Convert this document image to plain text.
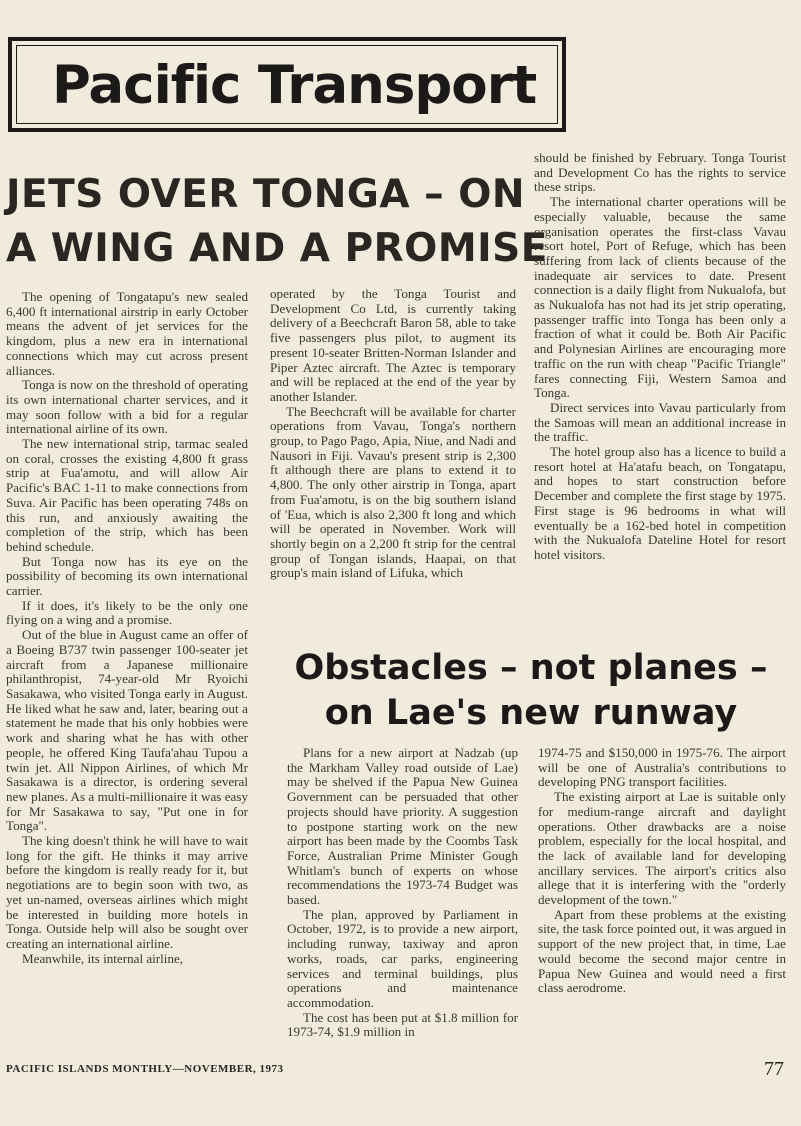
Pacific Transport
JETS OVER TONGA – ON
A WING AND A PROMISE

The opening of Tongatapu's new sealed 6,400 ft international airstrip in early October means the advent of jet services for the kingdom, plus a new era in international connections which may cut across present alliances.

Tonga is now on the threshold of operating its own international charter services, and it may soon follow with a bid for a regular international airline of its own.

The new international strip, tarmac sealed on coral, crosses the existing 4,800 ft grass strip at Fua'amotu, and will allow Air Pacific's BAC 1-11 to make connections from Suva. Air Pacific has been operating 748s on this run, and anxiously awaiting the completion of the strip, which has been behind schedule.

But Tonga now has its eye on the possibility of becoming its own international carrier.

If it does, it's likely to be the only one flying on a wing and a promise.

Out of the blue in August came an offer of a Boeing B737 twin passenger 100-seater jet aircraft from a Japanese millionaire philanthropist, 74-year-old Mr Ryoichi Sasakawa, who visited Tonga early in August. He liked what he saw and, later, bearing out a statement he made that his only hobbies were work and sharing what he has with other people, he offered King Taufa'ahau Tupou a twin jet. All Nippon Airlines, of which Mr Sasakawa is a director, is ordering several new planes. As a multi-millionaire it was easy for Mr Sasakawa to say, "Put one in for Tonga".

The king doesn't think he will have to wait long for the gift. He thinks it may arrive before the kingdom is really ready for it, but negotiations are to begin soon with two, as yet un-named, overseas airlines which might be interested in building more hotels in Tonga. Outside help will also be sought over creating an international airline.

Meanwhile, its internal airline,

operated by the Tonga Tourist and Development Co Ltd, is currently taking delivery of a Beechcraft Baron 58, able to take five passengers plus pilot, to augment its present 10-seater Britten-Norman Islander and Piper Aztec aircraft. The Aztec is temporary and will be replaced at the end of the year by another Islander.

The Beechcraft will be available for charter operations from Vavau, Tonga's northern group, to Pago Pago, Apia, Niue, and Nadi and Nausori in Fiji. Vavau's present strip is 2,300 ft although there are plans to extend it to 4,800. The only other airstrip in Tonga, apart from Fua'amotu, is on the big southern island of 'Eua, which is also 2,300 ft long and which will be operated in November. Work will shortly begin on a 2,200 ft strip for the central group of Tongan islands, Haapai, on that group's main island of Lifuka, which

should be finished by February. Tonga Tourist and Development Co has the rights to service these strips.

The international charter operations will be especially valuable, because the same organisation operates the first-class Vavau resort hotel, Port of Refuge, which has been suffering from lack of clients because of the inadequate air services to date. Present connection is a daily flight from Nukualofa, but as Nukualofa has not had its jet strip operating, passenger traffic into Tonga has been only a fraction of what it could be. Both Air Pacific and Polynesian Airlines are encouraging more traffic on the run with cheap "Pacific Triangle" fares connecting Fiji, Western Samoa and Tonga.

Direct services into Vavau particularly from the Samoas will mean an additional increase in the traffic.

The hotel group also has a licence to build a resort hotel at Ha'atafu beach, on Tongatapu, and hopes to start construction before December and complete the first stage by 1975. First stage is 96 bedrooms in what will eventually be a 162-bed hotel in competition with the Nukualofa Dateline Hotel for resort hotel visitors.

Obstacles – not planes –
on Lae's new runway

Plans for a new airport at Nadzab (up the Markham Valley road outside of Lae) may be shelved if the Papua New Guinea Government can be persuaded that other projects should have priority. A suggestion to postpone starting work on the new airport has been made by the Coombs Task Force, Australian Prime Minister Gough Whitlam's bunch of experts on whose recommendations the 1973-74 Budget was based.

The plan, approved by Parliament in October, 1972, is to provide a new airport, including runway, taxiway and apron works, roads, car parks, engineering services and terminal buildings, plus operations and maintenance accommodation.

The cost has been put at $1.8 million for 1973-74, $1.9 million in

1974-75 and $150,000 in 1975-76. The airport will be one of Australia's contributions to developing PNG transport facilities.

The existing airport at Lae is suitable only for medium-range aircraft and daylight operations. Other drawbacks are a noise problem, especially for the local hospital, and the lack of available land for developing ancillary services. The airport's critics also allege that it is interfering with the "orderly development of the town."

Apart from these problems at the existing site, the task force pointed out, it was argued in support of the new project that, in time, Lae would become the second major centre in Papua New Guinea and would need a first class aerodrome.

PACIFIC ISLANDS MONTHLY—NOVEMBER, 1973	77
